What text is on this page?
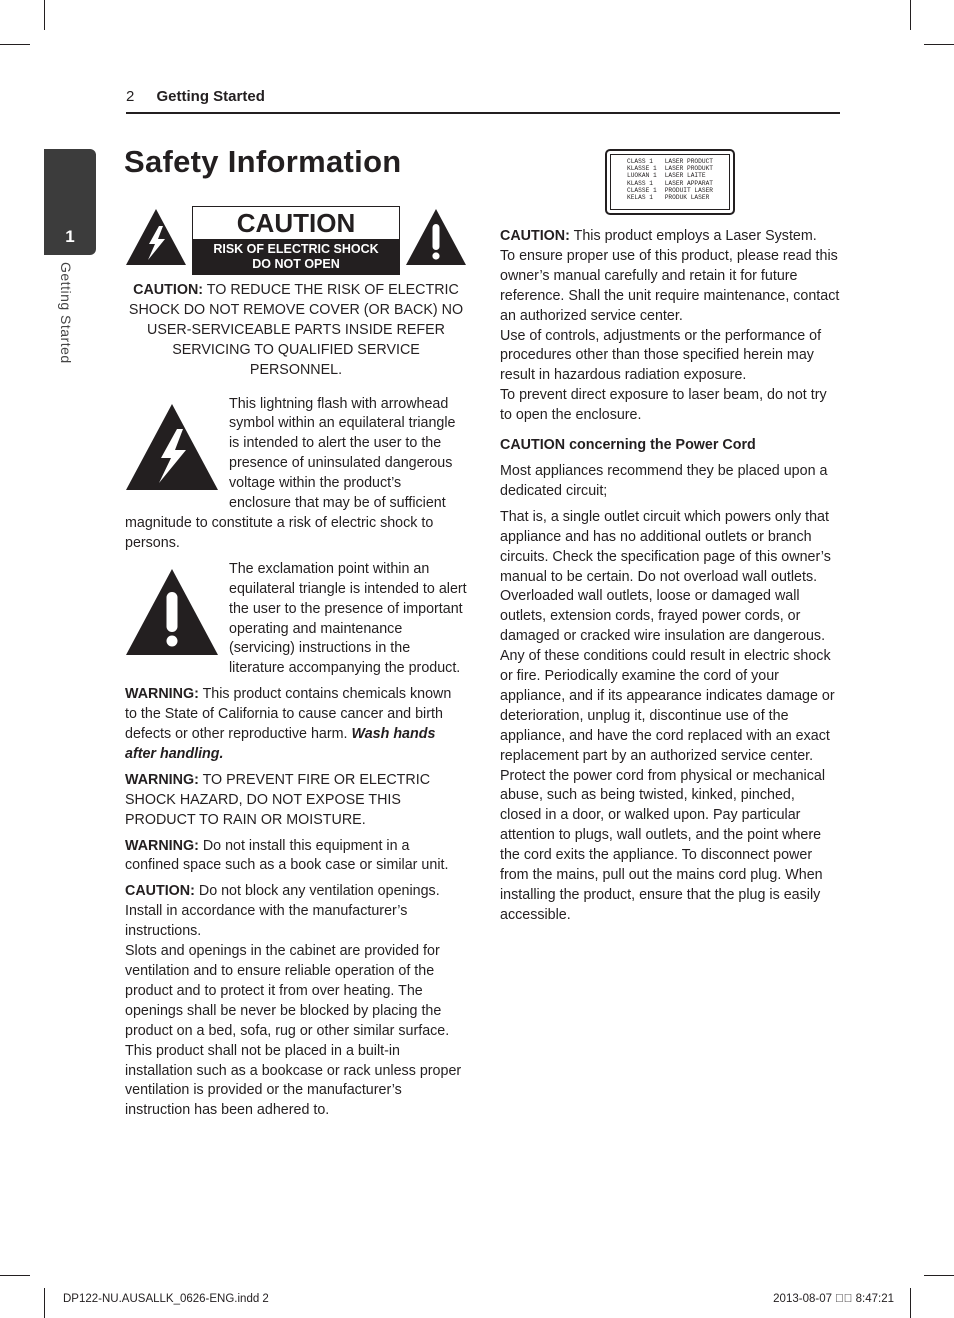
1
Getting Started
2 Getting Started
Safety Information
CAUTION
RISK OF ELECTRIC SHOCK
DO NOT OPEN

CAUTION: TO REDUCE THE RISK OF ELECTRIC SHOCK DO NOT REMOVE COVER (OR BACK) NO USER-SERVICEABLE PARTS INSIDE REFER SERVICING TO QUALIFIED SERVICE PERSONNEL.

This lightning flash with arrowhead symbol within an equilateral triangle is intended to alert the user to the presence of uninsulated dangerous voltage within the product’s enclosure that may be of sufficient magnitude to constitute a risk of electric shock to persons.

The exclamation point within an equilateral triangle is intended to alert the user to the presence of important operating and maintenance (servicing) instructions in the literature accompanying the product.

WARNING: This product contains chemicals known to the State of California to cause cancer and birth defects or other reproductive harm. Wash hands after handling.

WARNING: TO PREVENT FIRE OR ELECTRIC SHOCK HAZARD, DO NOT EXPOSE THIS PRODUCT TO RAIN OR MOISTURE.

WARNING: Do not install this equipment in a confined space such as a book case or similar unit.

CAUTION: Do not block any ventilation openings. Install in accordance with the manufacturer’s instructions.

Slots and openings in the cabinet are provided for ventilation and to ensure reliable operation of the product and to protect it from over heating. The openings shall be never be blocked by placing the product on a bed, sofa, rug or other similar surface. This product shall not be placed in a built-in installation such as a bookcase or rack unless proper ventilation is provided or the manufacturer’s instruction has been adhered to.

CLASS 1
KLASSE 1
LUOKAN 1
KLASS 1
CLASSE 1
KELAS 1
LASER PRODUCT
LASER PRODUKT
LASER LAITE
LASER APPARAT
PRODUIT LASER
PRODUK LASER

CAUTION: This product employs a Laser System.

To ensure proper use of this product, please read this owner’s manual carefully and retain it for future reference. Shall the unit require maintenance, contact an authorized service center.

Use of controls, adjustments or the performance of procedures other than those specified herein may result in hazardous radiation exposure.

To prevent direct exposure to laser beam, do not try to open the enclosure.

CAUTION concerning the Power Cord

Most appliances recommend they be placed upon a dedicated circuit;

That is, a single outlet circuit which powers only that appliance and has no additional outlets or branch circuits. Check the specification page of this owner’s manual to be certain. Do not overload wall outlets. Overloaded wall outlets, loose or damaged wall outlets, extension cords, frayed power cords, or damaged or cracked wire insulation are dangerous. Any of these conditions could result in electric shock or fire. Periodically examine the cord of your appliance, and if its appearance indicates damage or deterioration, unplug it, discontinue use of the appliance, and have the cord replaced with an exact replacement part by an authorized service center. Protect the power cord from physical or mechanical abuse, such as being twisted, kinked, pinched, closed in a door, or walked upon. Pay particular attention to plugs, wall outlets, and the point where the cord exits the appliance. To disconnect power from the mains, pull out the mains cord plug. When installing the product, ensure that the plug is easily accessible.

DP122-NU.AUSALLK_0626-ENG.indd 2	2013-08-07 ￿￿ 8:47:21
